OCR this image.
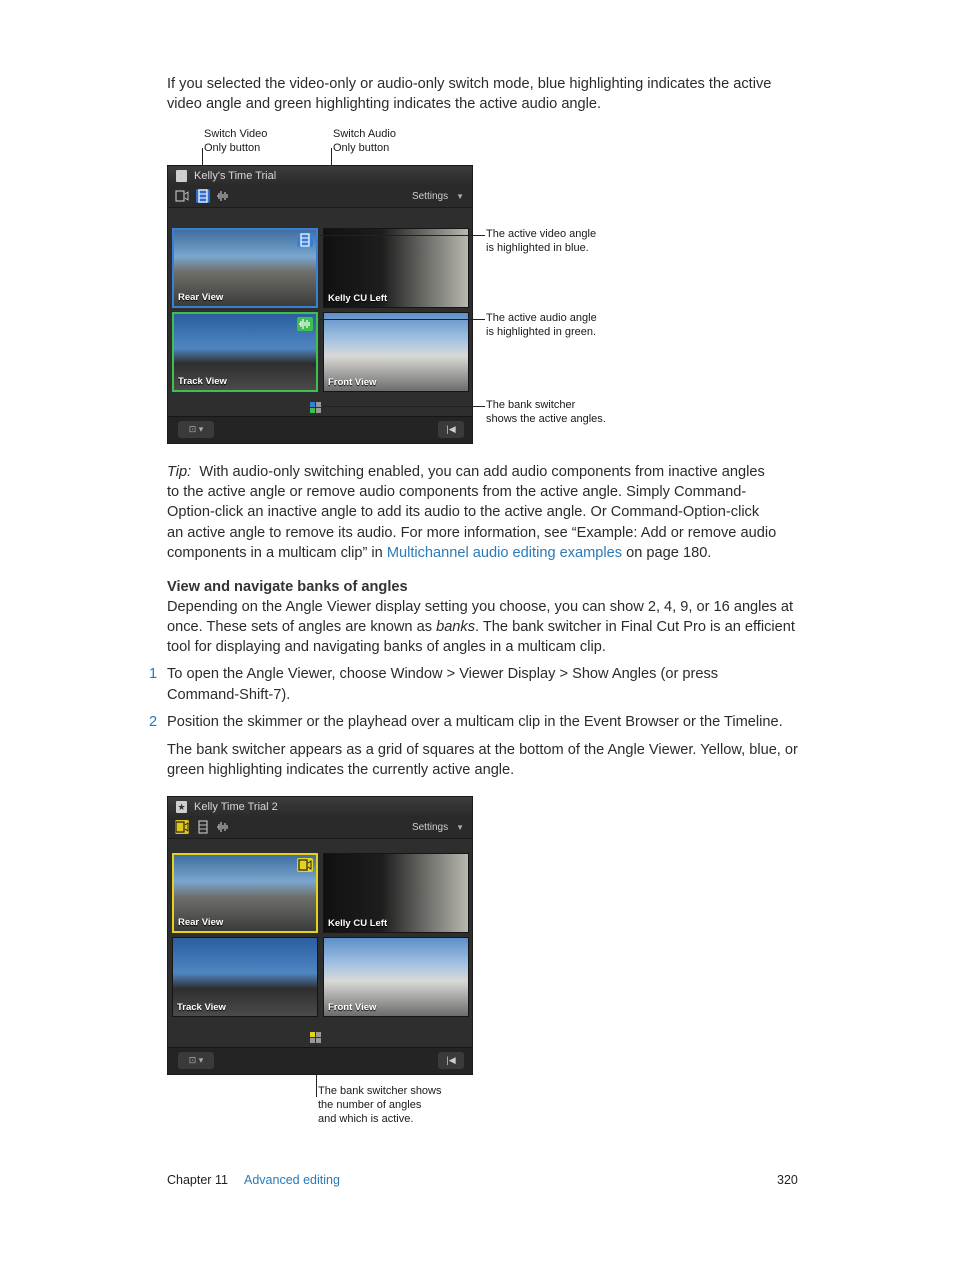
If you selected the video-only or audio-only switch mode, blue highlighting indicates the active
video angle and green highlighting indicates the active audio angle.
Switch Video
Only button
Switch Audio
Only button
Kelly's Time Trial
Settings ▼
Rear View	Kelly CU Left
Track View	Front View
⊡ ▾	|◀
The active video angle
is highlighted in blue.
The active audio angle
is highlighted in green.
The bank switcher
shows the active angles.
Tip: With audio-only switching enabled, you can add audio components from inactive angles
to the active angle or remove audio components from the active angle. Simply Command-
Option-click an inactive angle to add its audio to the active angle. Or Command-Option-click
an active angle to remove its audio. For more information, see “Example: Add or remove audio
components in a multicam clip” in Multichannel audio editing examples on page 180.
View and navigate banks of angles
Depending on the Angle Viewer display setting you choose, you can show 2, 4, 9, or 16 angles at
once. These sets of angles are known as banks. The bank switcher in Final Cut Pro is an efficient
tool for displaying and navigating banks of angles in a multicam clip.
1 To open the Angle Viewer, choose Window > Viewer Display > Show Angles (or press
Command-Shift-7).
2 Position the skimmer or the playhead over a multicam clip in the Event Browser or the Timeline.
The bank switcher appears as a grid of squares at the bottom of the Angle Viewer. Yellow, blue, or
green highlighting indicates the currently active angle.
★ Kelly Time Trial 2
Settings ▼
Rear View	Kelly CU Left
Track View	Front View
⊡ ▾	|◀
The bank switcher shows
the number of angles
and which is active.
Chapter 11 Advanced editing	320
